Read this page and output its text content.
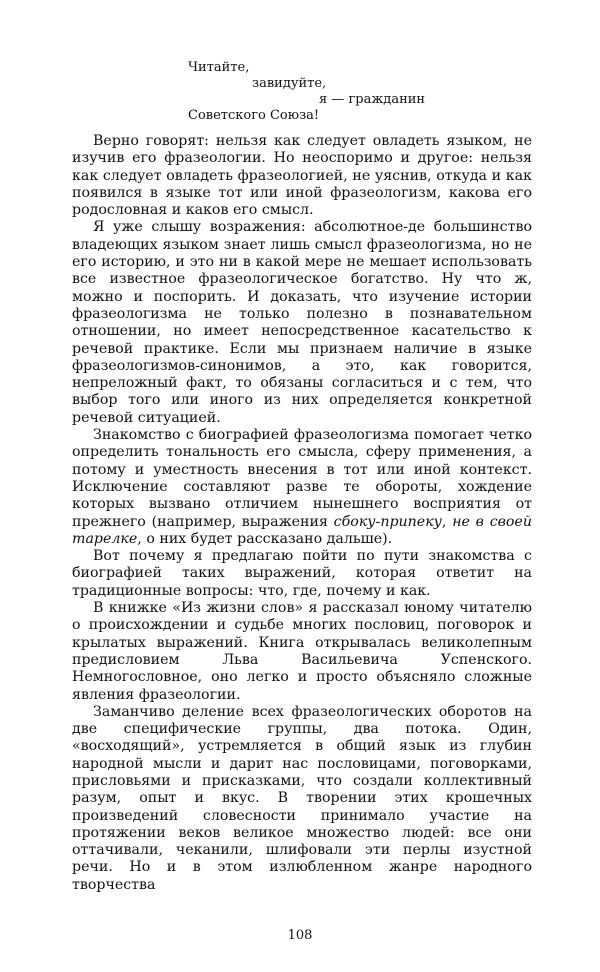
Читайте,
завидуйте,
я — гражданин
Советского Союза!

Верно говорят: нельзя как следует овладеть языком, не изучив его фразеологии. Но неоспоримо и другое: нельзя как следует овладеть фразеологией, не уяснив, откуда и как появился в языке тот или иной фразеологизм, какова его родословная и каков его смысл.

Я уже слышу возражения: абсолютное-де большинство владеющих языком знает лишь смысл фразеологизма, но не его историю, и это ни в какой мере не мешает использовать все известное фразеологическое богатство. Ну что ж, можно и поспорить. И доказать, что изучение истории фразеологизма не только полезно в познавательном отношении, но имеет непосредственное касательство к речевой практике. Если мы признаем наличие в языке фразеологизмов-синонимов, а это, как говорится, непреложный факт, то обязаны согласиться и с тем, что выбор того или иного из них определяется конкретной речевой ситуацией.

Знакомство с биографией фразеологизма помогает четко определить тональность его смысла, сферу применения, а потому и уместность внесения в тот или иной контекст. Исключение составляют разве те обороты, хождение которых вызвано отличием нынешнего восприятия от прежнего (например, выражения сбоку-припеку, не в своей тарелке, о них будет рассказано дальше).

Вот почему я предлагаю пойти по пути знакомства с биографией таких выражений, которая ответит на традиционные вопросы: что, где, почему и как.

В книжке «Из жизни слов» я рассказал юному читателю о происхождении и судьбе многих пословиц, поговорок и крылатых выражений. Книга открывалась великолепным предисловием Льва Васильевича Успенского. Немногословное, оно легко и просто объясняло сложные явления фразеологии.

Заманчиво деление всех фразеологических оборотов на две специфические группы, два потока. Один, «восходящий», устремляется в общий язык из глубин народной мысли и дарит нас пословицами, поговорками, присловьями и присказками, что создали коллективный разум, опыт и вкус. В творении этих крошечных произведений словесности принимало участие на протяжении веков великое множество людей: все они оттачивали, чеканили, шлифовали эти перлы изустной речи. Но и в этом излюбленном жанре народного творчества

108
